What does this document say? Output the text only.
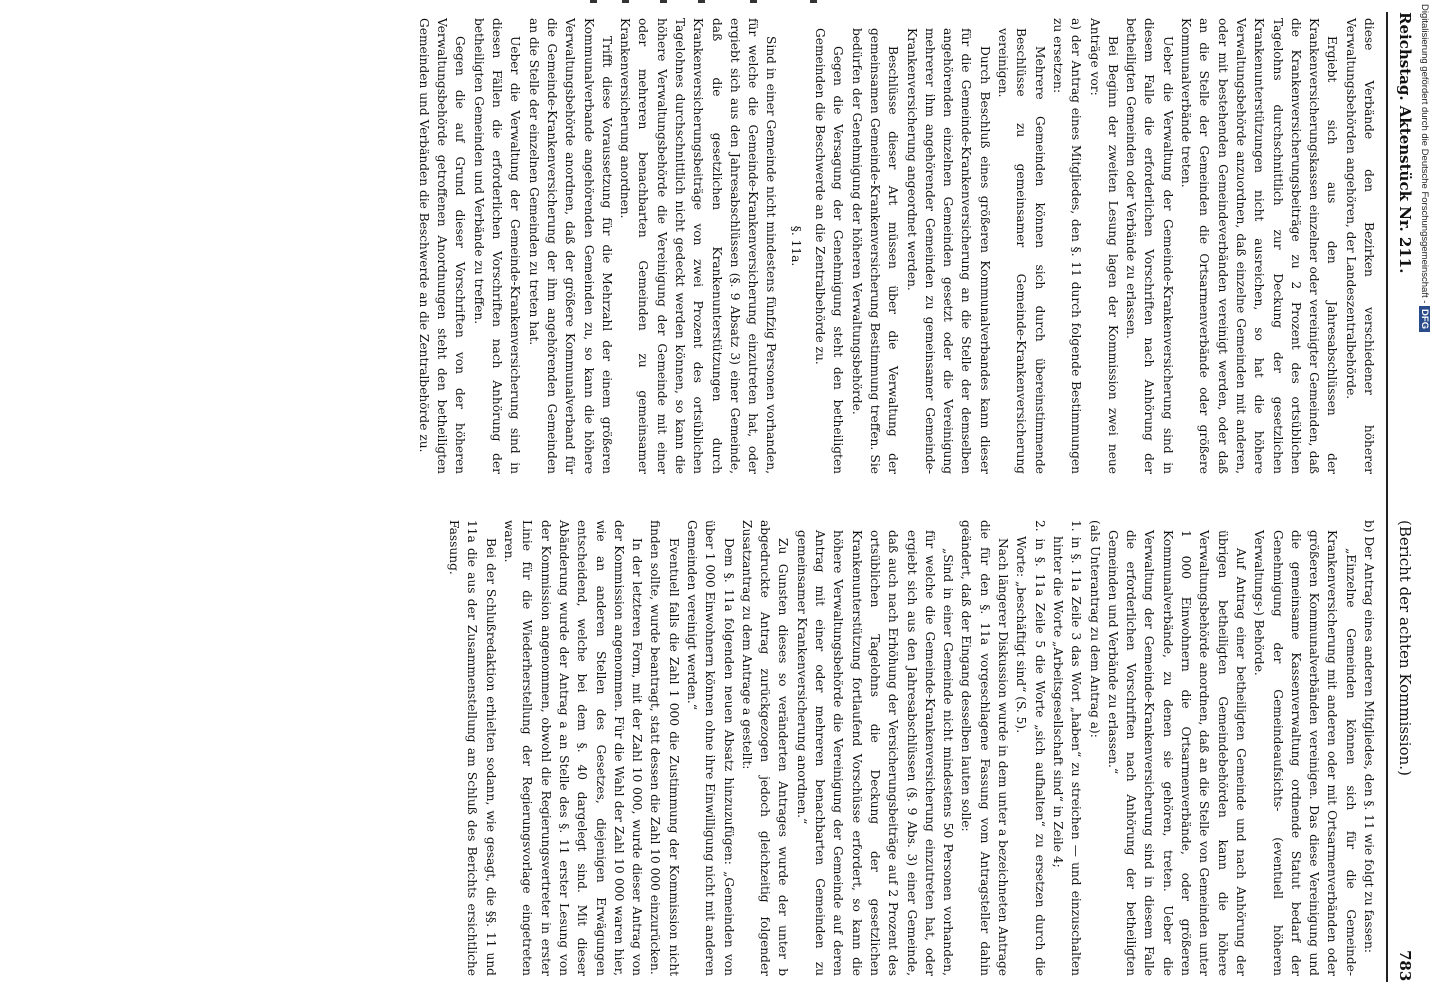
Reichstag. Aktenstück Nr. 211.
(Bericht der achten Kommission.)
783

diese Verbände den Bezirken verschiedener höherer Verwaltungsbehörden angehören, der Landeszentralbehörde.

Ergiebt sich aus den Jahresabschlüssen der Krankenversicherungskassen einzelner oder vereinigter Gemeinden, daß die Krankenversicherungsbeiträge zu 2 Prozent des ortsüblichen Tagelohns durchschnittlich zur Deckung der gesetzlichen Krankenunterstützungen nicht ausreichen, so hat die höhere Verwaltungsbehörde anzuordnen, daß einzelne Gemeinden mit anderen, oder mit bestehenden Gemeindeverbänden vereinigt werden, oder daß an die Stelle der Gemeinden die Ortsarmenverbände oder größere Kommunalverbände treten.

Ueber die Verwaltung der Gemeinde-Krankenversicherung sind in diesem Falle die erforderlichen Vorschriften nach Anhörung der betheiligten Gemeinden oder Verbände zu erlassen.

Bei Beginn der zweiten Lesung lagen der Kommission zwei neue Anträge vor:

a) der Antrag eines Mitgliedes, den §. 11 durch folgende Bestimmungen zu ersetzen:

Mehrere Gemeinden können sich durch übereinstimmende Beschlüsse zu gemeinsamer Gemeinde-Krankenversicherung vereinigen.

Durch Beschluß eines größeren Kommunalverbandes kann dieser für die Gemeinde-Krankenversicherung an die Stelle der demselben angehörenden einzelnen Gemeinden gesetzt oder die Vereinigung mehrerer ihm angehörender Gemeinden zu gemeinsamer Gemeinde-Krankenversicherung angeordnet werden.

Beschlüsse dieser Art müssen über die Verwaltung der gemeinsamen Gemeinde-Krankenversicherung Bestimmung treffen. Sie bedürfen der Genehmigung der höheren Verwaltungsbehörde.

Gegen die Versagung der Genehmigung steht den betheiligten Gemeinden die Beschwerde an die Zentralbehörde zu.

§. 11a.

Sind in einer Gemeinde nicht mindestens fünfzig Personen vorhanden, für welche die Gemeinde-Krankenversicherung einzutreten hat, oder ergiebt sich aus den Jahresabschlüssen (§. 9 Absatz 3) einer Gemeinde, daß die gesetzlichen Krankenunterstützungen durch Krankenversicherungsbeiträge von zwei Prozent des ortsüblichen Tagelohnes durchschnittlich nicht gedeckt werden können, so kann die höhere Verwaltungsbehörde die Vereinigung der Gemeinde mit einer oder mehreren benachbarten Gemeinden zu gemeinsamer Krankenversicherung anordnen.

Trifft diese Voraussetzung für die Mehrzahl der einem größeren Kommunalverbande angehörenden Gemeinden zu, so kann die höhere Verwaltungsbehörde anordnen, daß der größere Kommunalverband für die Gemeinde-Krankenversicherung der ihm angehörenden Gemeinden an die Stelle der einzelnen Gemeinden zu treten hat.

Ueber die Verwaltung der Gemeinde-Krankenversicherung sind in diesen Fällen die erforderlichen Vorschriften nach Anhörung der betheiligten Gemeinden und Verbände zu treffen.

Gegen die auf Grund dieser Vorschriften von der höheren Verwaltungsbehörde getroffenen Anordnungen steht den betheiligten Gemeinden und Verbänden die Beschwerde an die Zentralbehörde zu.

b) Der Antrag eines anderen Mitgliedes, den §. 11 wie folgt zu fassen:

„Einzelne Gemeinden können sich für die Gemeinde-Krankenversicherung mit anderen oder mit Ortsarmenverbänden oder größeren Kommunalverbänden vereinigen. Das diese Vereinigung und die gemeinsame Kassenverwaltung ordnende Statut bedarf der Genehmigung der Gemeindeaufsichts- (eventuell höheren Verwaltungs-) Behörde.

Auf Antrag einer betheiligten Gemeinde und nach Anhörung der übrigen betheiligten Gemeindebehörden kann die höhere Verwaltungsbehörde anordnen, daß an die Stelle von Gemeinden unter 1 000 Einwohnern die Ortsarmenverbände, oder größeren Kommunalverbände, zu denen sie gehören, treten. Ueber die Verwaltung der Gemeinde-Krankenversicherung sind in diesem Falle die erforderlichen Vorschriften nach Anhörung der betheiligten Gemeinden und Verbände zu erlassen.“

(als Unterantrag zu dem Antrag a):

1. in §. 11a Zeile 3 das Wort „haben“ zu streichen — und einzuschalten hinter die Worte „Arbeitsgesellschaft sind“ in Zeile 4;

2. in §. 11a Zeile 5 die Worte „sich aufhalten“ zu ersetzen durch die Worte: „beschäftigt sind“ (S. 5).

Nach längerer Diskussion wurde in dem unter a bezeichneten Antrage die für den §. 11a vorgeschlagene Fassung vom Antragsteller dahin geändert, daß der Eingang desselben lauten solle:

„Sind in einer Gemeinde nicht mindestens 50 Personen vorhanden, für welche die Gemeinde-Krankenversicherung einzutreten hat, oder ergiebt sich aus den Jahresabschlüssen (§. 9 Abs. 3) einer Gemeinde, daß auch nach Erhöhung der Versicherungsbeiträge auf 2 Prozent des ortsüblichen Tagelohns die Deckung der gesetzlichen Krankenunterstützung fortlaufend Vorschüsse erfordert, so kann die höhere Verwaltungsbehörde die Vereinigung der Gemeinde auf deren Antrag mit einer oder mehreren benachbarten Gemeinden zu gemeinsamer Krankenversicherung anordnen.“

Zu Gunsten dieses so veränderten Antrages wurde der unter b abgedruckte Antrag zurückgezogen jedoch gleichzeitig folgender Zusatzantrag zu dem Antrage a gestellt:

Dem §. 11a folgenden neuen Absatz hinzuzufügen: „Gemeinden von über 1 000 Einwohnern können ohne ihre Einwilligung nicht mit anderen Gemeinden vereinigt werden.“

Eventuell falls die Zahl 1 000 die Zustimmung der Kommission nicht finden sollte, wurde beantragt, statt dessen die Zahl 10 000 einzurücken.

In der letzteren Form, mit der Zahl 10 000, wurde dieser Antrag von der Kommission angenommen. Für die Wahl der Zahl 10 000 waren hier, wie an anderen Stellen des Gesetzes, diejenigen Erwägungen entscheidend, welche bei dem §. 40 dargelegt sind. Mit dieser Abänderung wurde der Antrag a an Stelle des §. 11 erster Lesung von der Kommission angenommen, obwohl die Regierungsvertreter in erster Linie für die Wiederherstellung der Regierungsvorlage eingetreten waren.

Bei der Schlußredaktion erhielten sodann, wie gesagt, die §§. 11 und 11a die aus der Zusammenstellung am Schluß des Berichts ersichtliche Fassung.

Digitalisierung gefördert durch die Deutsche Forschungsgemeinschaft - DFG
